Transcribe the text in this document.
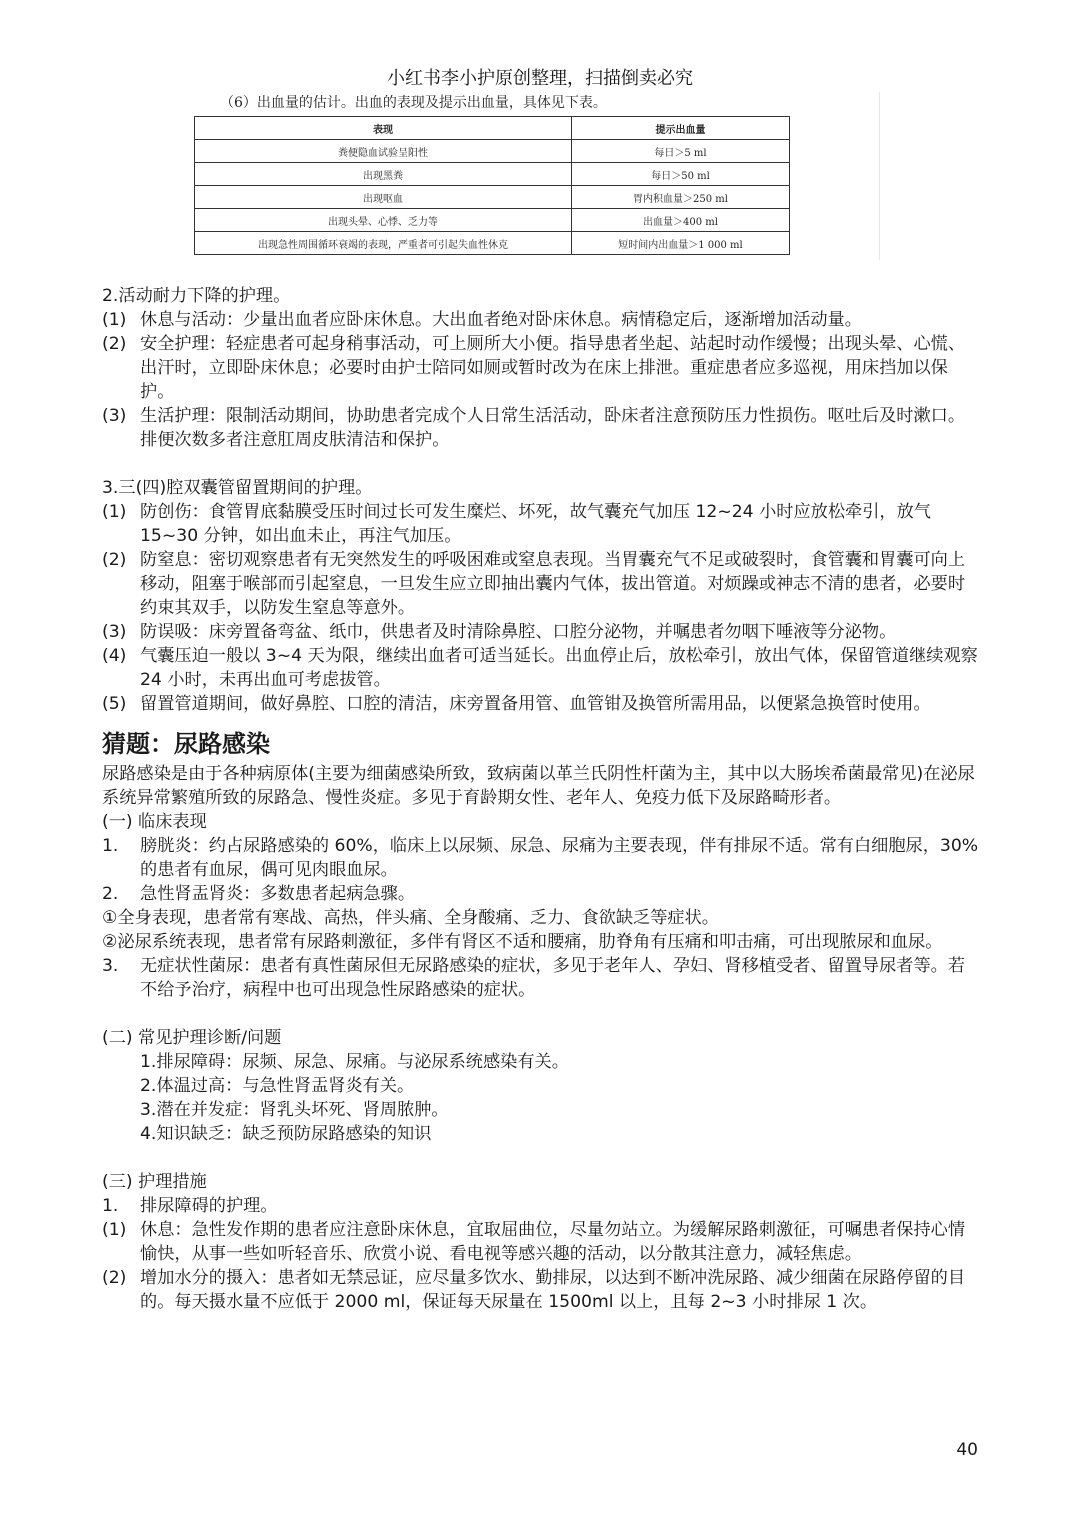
小红书李小护原创整理，扫描倒卖必究
（6）出血量的估计。出血的表现及提示出血量，具体见下表。
表现	提示出血量
粪便隐血试验呈阳性	每日＞5 ml
出现黑粪	每日＞50 ml
出现呕血	胃内积血量＞250 ml
出现头晕、心悸、乏力等	出血量＞400 ml
出现急性周围循环衰竭的表现，严重者可引起失血性休克	短时间内出血量＞1 000 ml

2.活动耐力下降的护理。

(1) 休息与活动：少量出血者应卧床休息。大出血者绝对卧床休息。病情稳定后，逐渐增加活动量。
(2) 安全护理：轻症患者可起身稍事活动，可上厕所大小便。指导患者坐起、站起时动作缓慢；出现头晕、心慌、出汗时，立即卧床休息；必要时由护士陪同如厕或暂时改为在床上排泄。重症患者应多巡视，用床挡加以保护。
(3) 生活护理：限制活动期间，协助患者完成个人日常生活活动，卧床者注意预防压力性损伤。呕吐后及时漱口。排便次数多者注意肛周皮肤清洁和保护。

3.三(四)腔双囊管留置期间的护理。

(1) 防创伤：食管胃底黏膜受压时间过长可发生糜烂、坏死，故气囊充气加压 12~24 小时应放松牵引，放气 15~30 分钟，如出血未止，再注气加压。
(2) 防窒息：密切观察患者有无突然发生的呼吸困难或窒息表现。当胃囊充气不足或破裂时，食管囊和胃囊可向上移动，阻塞于喉部而引起窒息，一旦发生应立即抽出囊内气体，拔出管道。对烦躁或神志不清的患者，必要时约束其双手，以防发生窒息等意外。
(3) 防误吸：床旁置备弯盆、纸巾，供患者及时清除鼻腔、口腔分泌物，并嘱患者勿咽下唾液等分泌物。
(4) 气囊压迫一般以 3~4 天为限，继续出血者可适当延长。出血停止后，放松牵引，放出气体，保留管道继续观察 24 小时，未再出血可考虑拔管。
(5) 留置管道期间，做好鼻腔、口腔的清洁，床旁置备用管、血管钳及换管所需用品，以便紧急换管时使用。
猜题：尿路感染

尿路感染是由于各种病原体(主要为细菌感染所致，致病菌以革兰氏阴性杆菌为主，其中以大肠埃希菌最常见)在泌尿系统异常繁殖所致的尿路急、慢性炎症。多见于育龄期女性、老年人、免疫力低下及尿路畸形者。

(一) 临床表现

1.	膀胱炎：约占尿路感染的 60%，临床上以尿频、尿急、尿痛为主要表现，伴有排尿不适。常有白细胞尿，30%的患者有血尿，偶可见肉眼血尿。
2.	急性肾盂肾炎：多数患者起病急骤。

①全身表现，患者常有寒战、高热，伴头痛、全身酸痛、乏力、食欲缺乏等症状。

②泌尿系统表现，患者常有尿路刺激征，多伴有肾区不适和腰痛，肋脊角有压痛和叩击痛，可出现脓尿和血尿。

3.	无症状性菌尿：患者有真性菌尿但无尿路感染的症状，多见于老年人、孕妇、肾移植受者、留置导尿者等。若不给予治疗，病程中也可出现急性尿路感染的症状。

(二) 常见护理诊断/问题

1.排尿障碍：尿频、尿急、尿痛。与泌尿系统感染有关。

2.体温过高：与急性肾盂肾炎有关。

3.潜在并发症：肾乳头坏死、肾周脓肿。

4.知识缺乏：缺乏预防尿路感染的知识

(三) 护理措施

1.	排尿障碍的护理。
(1) 休息：急性发作期的患者应注意卧床休息，宜取屈曲位，尽量勿站立。为缓解尿路刺激征，可嘱患者保持心情愉快，从事一些如听轻音乐、欣赏小说、看电视等感兴趣的活动，以分散其注意力，减轻焦虑。
(2) 增加水分的摄入：患者如无禁忌证，应尽量多饮水、勤排尿，以达到不断冲洗尿路、减少细菌在尿路停留的目的。每天摄水量不应低于 2000 ml，保证每天尿量在 1500ml 以上，且每 2~3 小时排尿 1 次。
40
